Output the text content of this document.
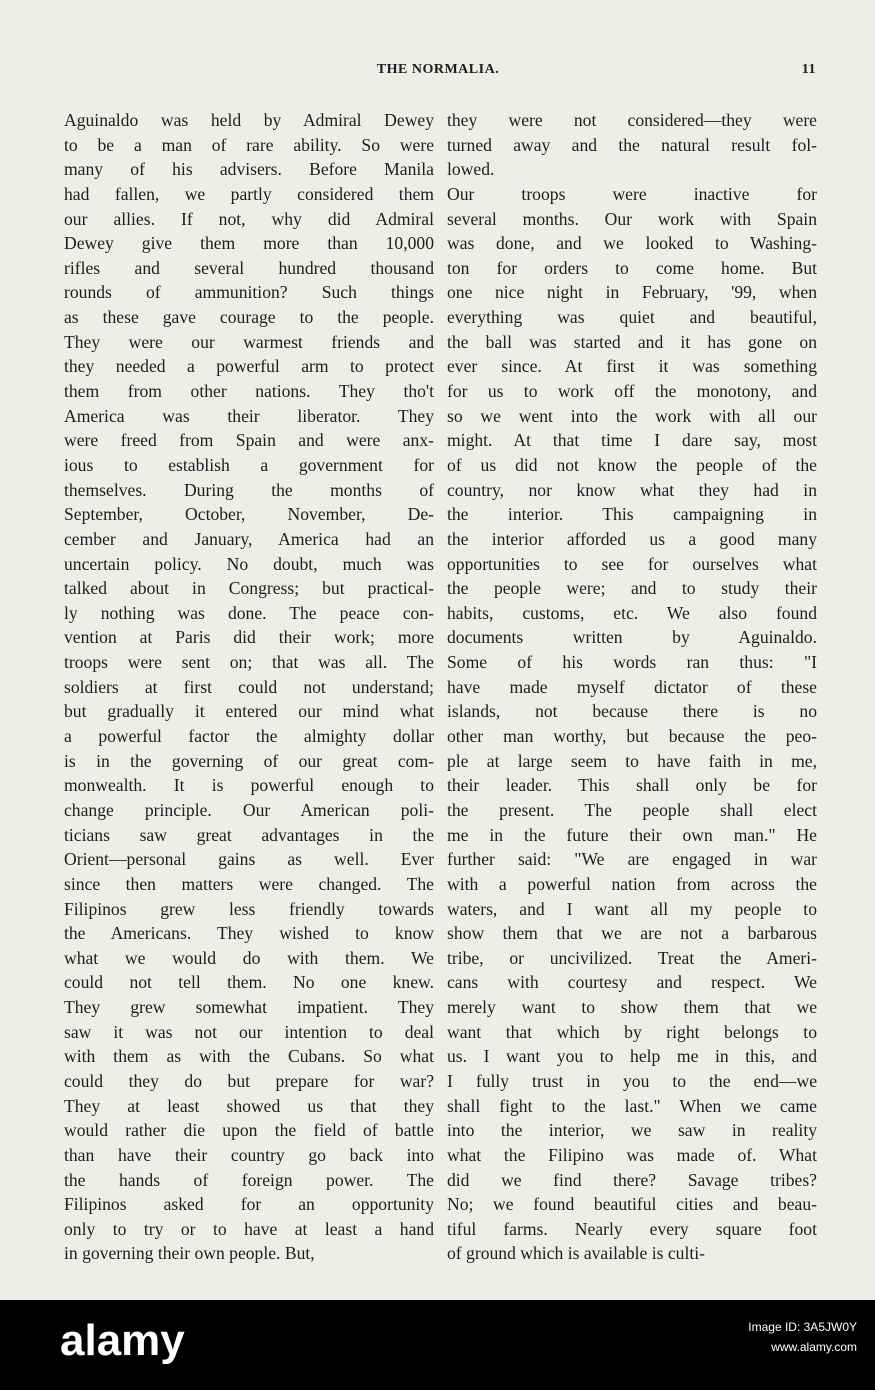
THE NORMALIA.	11
Aguinaldo was held by Admiral Dewey
to be a man of rare ability. So were
many of his advisers. Before Manila
had fallen, we partly considered them
our allies. If not, why did Admiral
Dewey give them more than 10,000
rifles and several hundred thousand
rounds of ammunition? Such things
as these gave courage to the people.
They were our warmest friends and
they needed a powerful arm to protect
them from other nations. They tho't
America was their liberator. They
were freed from Spain and were anx-
ious to establish a government for
themselves. During the months of
September, October, November, De-
cember and January, America had an
uncertain policy. No doubt, much was
talked about in Congress; but practical-
ly nothing was done. The peace con-
vention at Paris did their work; more
troops were sent on; that was all. The
soldiers at first could not understand;
but gradually it entered our mind what
a powerful factor the almighty dollar
is in the governing of our great com-
monwealth. It is powerful enough to
change principle. Our American poli-
ticians saw great advantages in the
Orient—personal gains as well. Ever
since then matters were changed. The
Filipinos grew less friendly towards
the Americans. They wished to know
what we would do with them. We
could not tell them. No one knew.
They grew somewhat impatient. They
saw it was not our intention to deal
with them as with the Cubans. So what
could they do but prepare for war?
They at least showed us that they
would rather die upon the field of battle
than have their country go back into
the hands of foreign power. The
Filipinos asked for an opportunity
only to try or to have at least a hand
in governing their own people. But,
they were not considered—they were
turned away and the natural result fol-
lowed.
Our troops were inactive for
several months. Our work with Spain
was done, and we looked to Washing-
ton for orders to come home. But
one nice night in February, '99, when
everything was quiet and beautiful,
the ball was started and it has gone on
ever since. At first it was something
for us to work off the monotony, and
so we went into the work with all our
might. At that time I dare say, most
of us did not know the people of the
country, nor know what they had in
the interior. This campaigning in
the interior afforded us a good many
opportunities to see for ourselves what
the people were; and to study their
habits, customs, etc. We also found
documents written by Aguinaldo.
Some of his words ran thus: "I
have made myself dictator of these
islands, not because there is no
other man worthy, but because the peo-
ple at large seem to have faith in me,
their leader. This shall only be for
the present. The people shall elect
me in the future their own man." He
further said: "We are engaged in war
with a powerful nation from across the
waters, and I want all my people to
show them that we are not a barbarous
tribe, or uncivilized. Treat the Ameri-
cans with courtesy and respect. We
merely want to show them that we
want that which by right belongs to
us. I want you to help me in this, and
I fully trust in you to the end—we
shall fight to the last." When we came
into the interior, we saw in reality
what the Filipino was made of. What
did we find there? Savage tribes?
No; we found beautiful cities and beau-
tiful farms. Nearly every square foot
of ground which is available is culti-
alamy	Image ID: 3A5JW0Y
www.alamy.com
